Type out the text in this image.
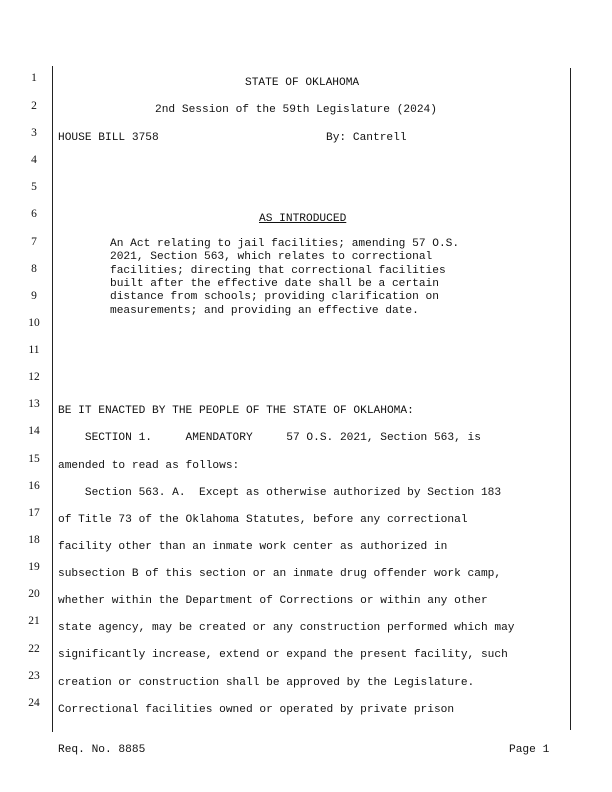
1
2
3
4
5
6
7
8
9
10
11
12
13
14
15
16
17
18
19
20
21
22
23
24
STATE OF OKLAHOMA
2nd Session of the 59th Legislature (2024)
HOUSE BILL 3758	By: Cantrell
AS INTRODUCED
An Act relating to jail facilities; amending 57 O.S.
2021, Section 563, which relates to correctional
facilities; directing that correctional facilities
built after the effective date shall be a certain
distance from schools; providing clarification on
measurements; and providing an effective date.
BE IT ENACTED BY THE PEOPLE OF THE STATE OF OKLAHOMA:
SECTION 1.     AMENDATORY     57 O.S. 2021, Section 563, is
amended to read as follows:
Section 563. A.  Except as otherwise authorized by Section 183
of Title 73 of the Oklahoma Statutes, before any correctional
facility other than an inmate work center as authorized in
subsection B of this section or an inmate drug offender work camp,
whether within the Department of Corrections or within any other
state agency, may be created or any construction performed which may
significantly increase, extend or expand the present facility, such
creation or construction shall be approved by the Legislature.
Correctional facilities owned or operated by private prison
Req. No. 8885	Page 1
